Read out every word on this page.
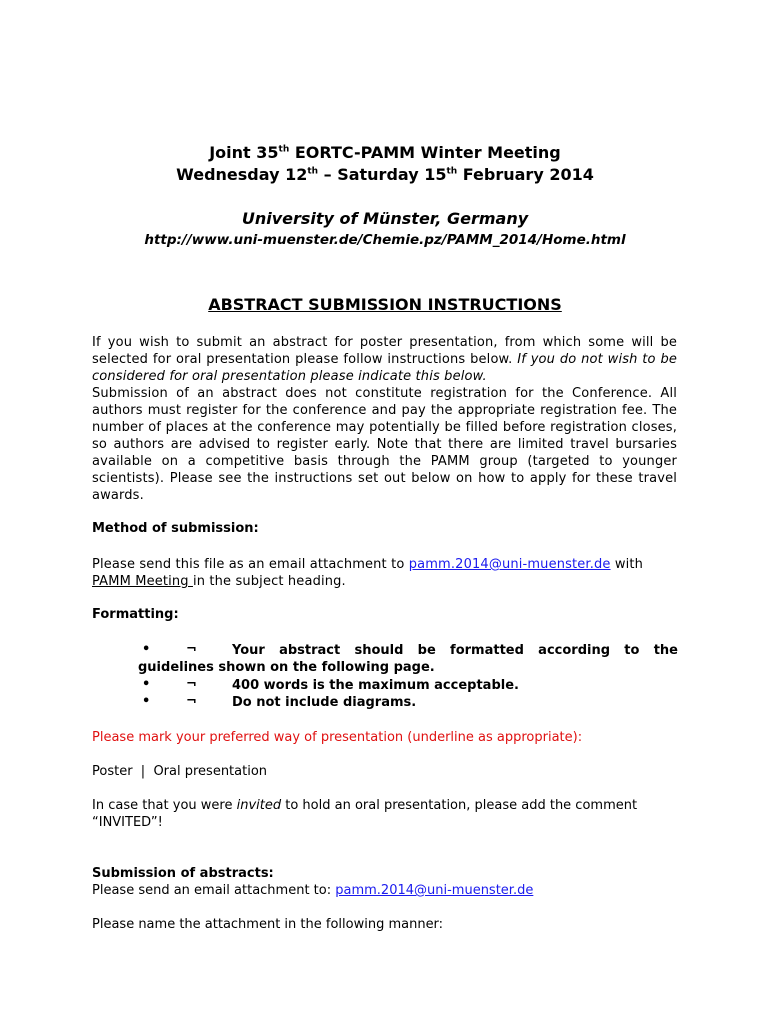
Joint 35th EORTC-PAMM Winter Meeting
Wednesday 12th – Saturday 15th February 2014
University of Münster, Germany
http://www.uni-muenster.de/Chemie.pz/PAMM_2014/Home.html
ABSTRACT SUBMISSION INSTRUCTIONS
If you wish to submit an abstract for poster presentation, from which some will be selected for oral presentation please follow instructions below. If you do not wish to be considered for oral presentation please indicate this below.
Submission of an abstract does not constitute registration for the Conference. All authors must register for the conference and pay the appropriate registration fee. The number of places at the conference may potentially be filled before registration closes, so authors are advised to register early. Note that there are limited travel bursaries available on a competitive basis through the PAMM group (targeted to younger scientists). Please see the instructions set out below on how to apply for these travel awards.
Method of submission:
Please send this file as an email attachment to pamm.2014@uni-muenster.de with
PAMM Meeting in the subject heading.
Formatting:
•	¬	Your abstract should be formatted according to the
guidelines shown on the following page.
•	¬	400 words is the maximum acceptable.
•	¬	Do not include diagrams.
Please mark your preferred way of presentation (underline as appropriate):
Poster  |  Oral presentation
In case that you were invited to hold an oral presentation, please add the comment
“INVITED”!
Submission of abstracts:
Please send an email attachment to: pamm.2014@uni-muenster.de
Please name the attachment in the following manner:
